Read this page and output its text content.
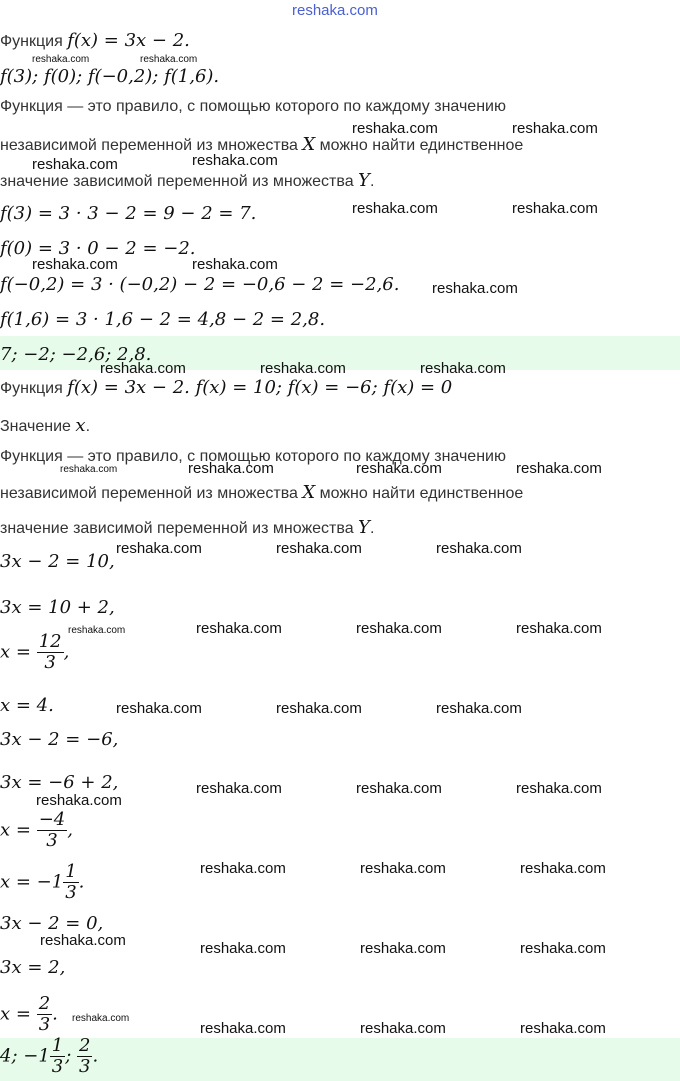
reshaka.com
Функция f(x) = 3x − 2.
f(3); f(0); f(−0,2); f(1,6).
Функция — это правило, с помощью которого по каждому значению
независимой переменной из множества X можно найти единственное
значение зависимой переменной из множества Y.
f(3) = 3 · 3 − 2 = 9 − 2 = 7.
f(0) = 3 · 0 − 2 = −2.
f(−0,2) = 3 · (−0,2) − 2 = −0,6 − 2 = −2,6.
f(1,6) = 3 · 1,6 − 2 = 4,8 − 2 = 2,8.
7; −2; −2,6; 2,8.
Функция f(x) = 3x − 2. f(x) = 10; f(x) = −6; f(x) = 0
Значение x.
Функция — это правило, с помощью которого по каждому значению
независимой переменной из множества X можно найти единственное
значение зависимой переменной из множества Y.
3x − 2 = 10,
3x = 10 + 2,
$x = \frac{12}{3}$ ,
x = 4.
3x − 2 = −6,
3x = −6 + 2,
$x = \frac{-4}{3}$ ,
$x = -1 \frac{1}{3}$ .
3x − 2 = 0,
3x = 2,
$x = \frac{2}{3}$ .
4; $-1 \frac{1}{3}$ ; $\frac{2}{3}$ .
reshaka.com	reshaka.com
reshaka.com	reshaka.com
reshaka.com	reshaka.com
reshaka.com	reshaka.com
reshaka.com	reshaka.com
reshaka.com
reshaka.com	reshaka.com	reshaka.com
reshaka.com	reshaka.com	reshaka.com	reshaka.com
reshaka.com	reshaka.com	reshaka.com
reshaka.com	reshaka.com	reshaka.com	reshaka.com
reshaka.com	reshaka.com	reshaka.com
reshaka.com	reshaka.com	reshaka.com
reshaka.com
reshaka.com	reshaka.com	reshaka.com
reshaka.com	reshaka.com	reshaka.com	reshaka.com
reshaka.com
reshaka.com	reshaka.com	reshaka.com
